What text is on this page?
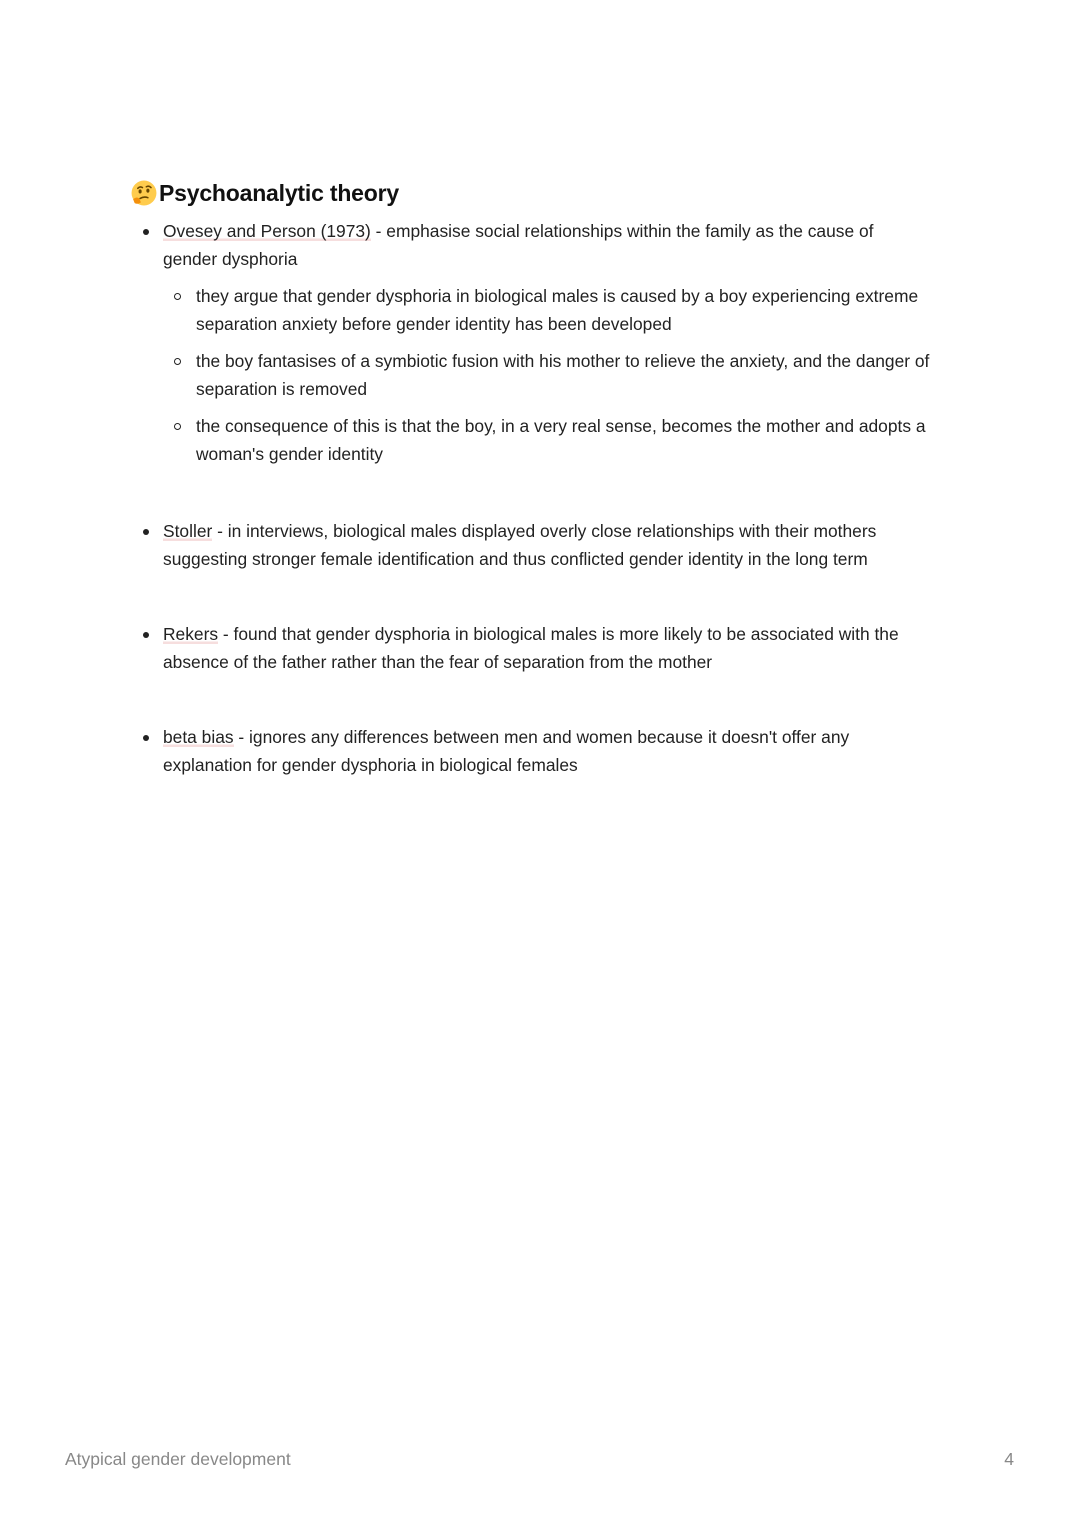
Psychoanalytic theory
Ovesey and Person (1973) - emphasise social relationships within the family as the cause of gender dysphoria
they argue that gender dysphoria in biological males is caused by a boy experiencing extreme separation anxiety before gender identity has been developed
the boy fantasises of a symbiotic fusion with his mother to relieve the anxiety, and the danger of separation is removed
the consequence of this is that the boy, in a very real sense, becomes the mother and adopts a woman's gender identity
Stoller - in interviews, biological males displayed overly close relationships with their mothers suggesting stronger female identification and thus conflicted gender identity in the long term
Rekers - found that gender dysphoria in biological males is more likely to be associated with the absence of the father rather than the fear of separation from the mother
beta bias - ignores any differences between men and women because it doesn't offer any explanation for gender dysphoria in biological females
Atypical gender development	4
